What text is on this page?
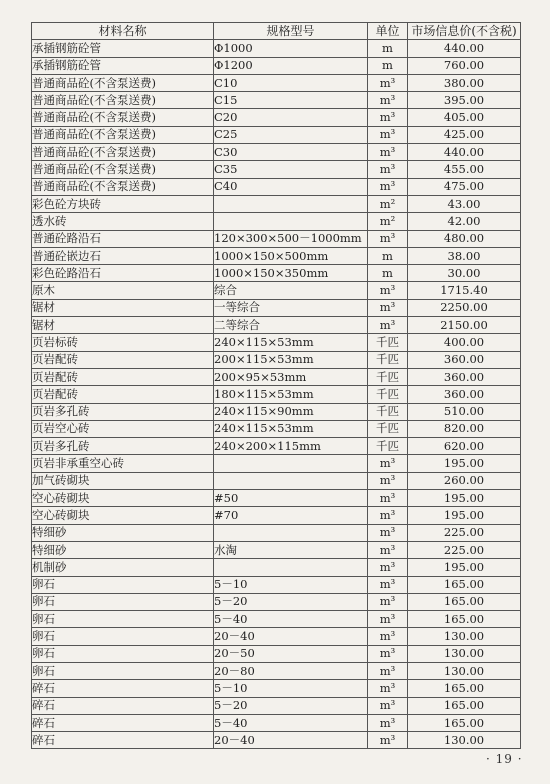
材料名称	规格型号	单位	市场信息价(不含税)
承插钢筋砼管	Φ1000	m	440.00
承插钢筋砼管	Φ1200	m	760.00
普通商品砼(不含泵送费)	C10	m³	380.00
普通商品砼(不含泵送费)	C15	m³	395.00
普通商品砼(不含泵送费)	C20	m³	405.00
普通商品砼(不含泵送费)	C25	m³	425.00
普通商品砼(不含泵送费)	C30	m³	440.00
普通商品砼(不含泵送费)	C35	m³	455.00
普通商品砼(不含泵送费)	C40	m³	475.00
彩色砼方块砖		m²	43.00
透水砖		m²	42.00
普通砼路沿石	120×300×500－1000mm	m³	480.00
普通砼嵌边石	1000×150×500mm	m	38.00
彩色砼路沿石	1000×150×350mm	m	30.00
原木	综合	m³	1715.40
锯材	一等综合	m³	2250.00
锯材	二等综合	m³	2150.00
页岩标砖	240×115×53mm	千匹	400.00
页岩配砖	200×115×53mm	千匹	360.00
页岩配砖	200×95×53mm	千匹	360.00
页岩配砖	180×115×53mm	千匹	360.00
页岩多孔砖	240×115×90mm	千匹	510.00
页岩空心砖	240×115×53mm	千匹	820.00
页岩多孔砖	240×200×115mm	千匹	620.00
页岩非承重空心砖		m³	195.00
加气砖砌块		m³	260.00
空心砖砌块	#50	m³	195.00
空心砖砌块	#70	m³	195.00
特细砂		m³	225.00
特细砂	水淘	m³	225.00
机制砂		m³	195.00
卵石	5－10	m³	165.00
卵石	5－20	m³	165.00
卵石	5－40	m³	165.00
卵石	20－40	m³	130.00
卵石	20－50	m³	130.00
卵石	20－80	m³	130.00
碎石	5－10	m³	165.00
碎石	5－20	m³	165.00
碎石	5－40	m³	165.00
碎石	20－40	m³	130.00
· 19 ·
